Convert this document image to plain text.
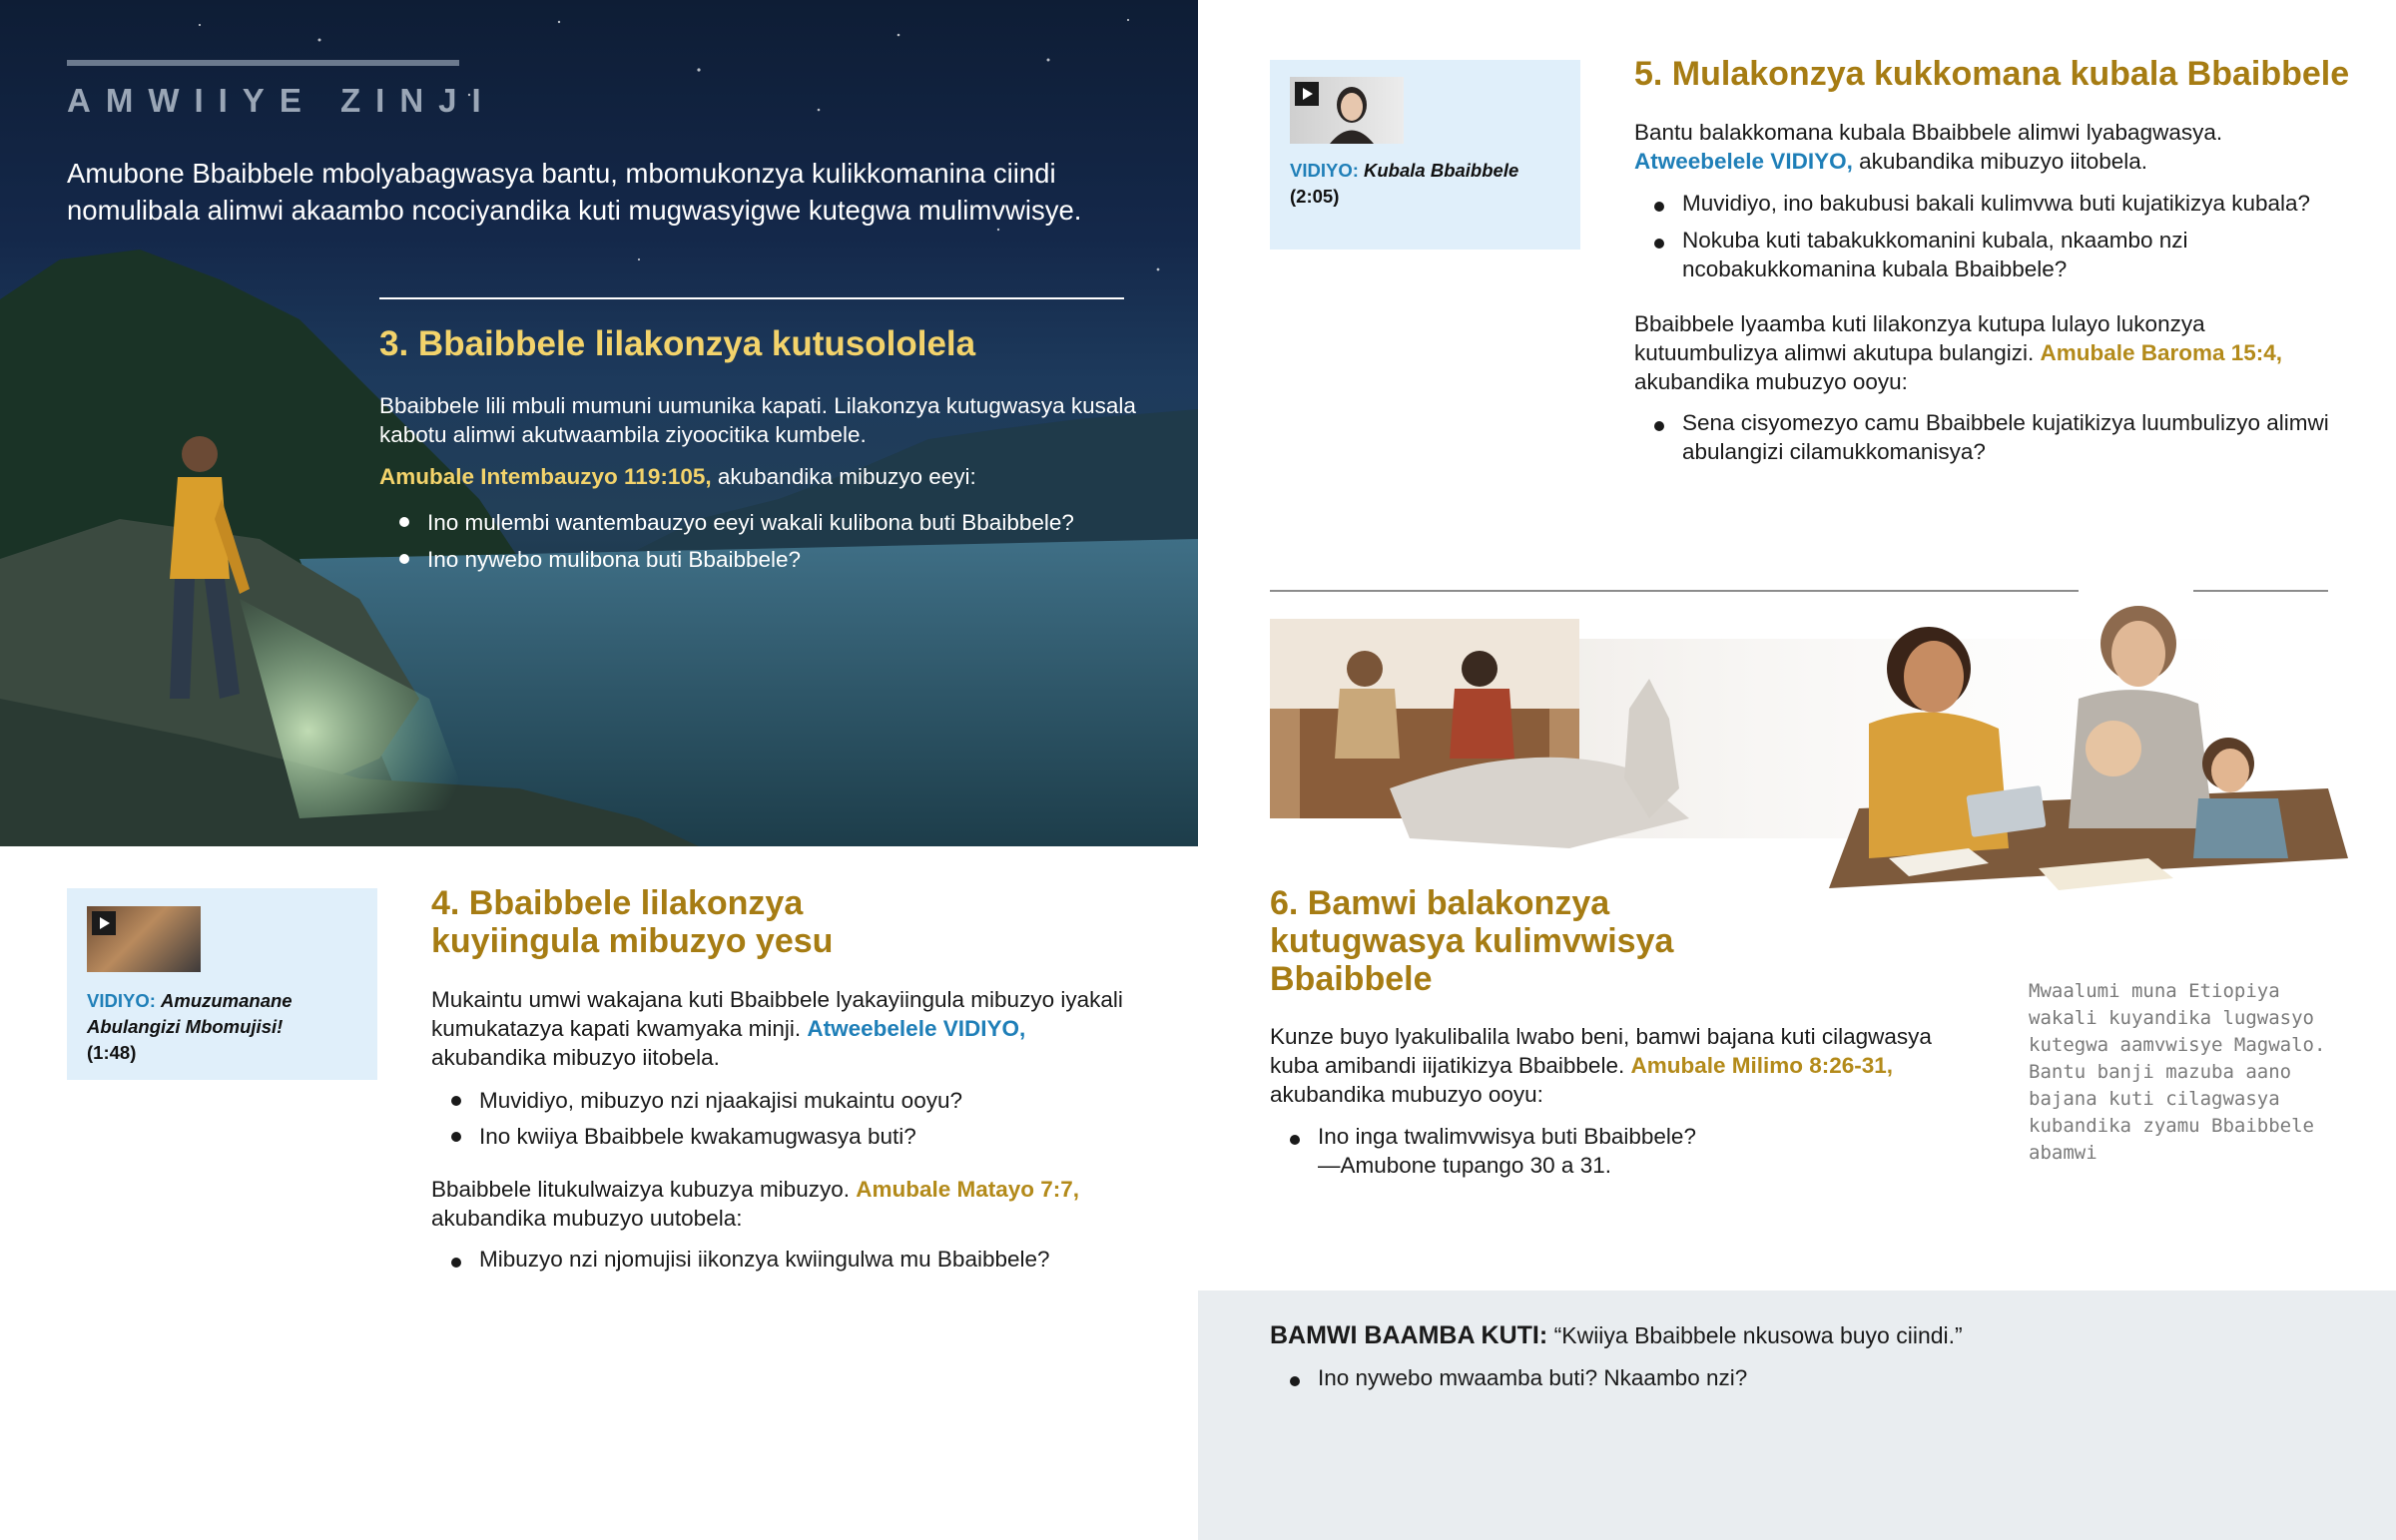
AMWIIYE ZINJI
Amubone Bbaibbele mbolyabagwasya bantu, mbomukonzya kulikkomanina ciindi nomulibala alimwi akaambo ncociyandika kuti mugwasyigwe kutegwa mulimvwisye.
3. Bbaibbele lilakonzya kutusololela
Bbaibbele lili mbuli mumuni uumunika kapati. Lilakonzya kutugwasya kusala kabotu alimwi akutwaambila ziyoocitika kumbele.
Amubale Intembauzyo 119:105, akubandika mibuzyo eeyi:
Ino mulembi wantembauzyo eeyi wakali kulibona buti Bbaibbele?
Ino nywebo mulibona buti Bbaibbele?
VIDIYO: Amuzumanane Abulangizi Mbomujisi!
(1:48)
4. Bbaibbele lilakonzya
kuyiingula mibuzyo yesu
Mukaintu umwi wakajana kuti Bbaibbele lyakayiingula mibuzyo iyakali kumukatazya kapati kwamyaka minji. Atweebelele VIDIYO, akubandika mibuzyo iitobela.
Muvidiyo, mibuzyo nzi njaakajisi mukaintu ooyu?
Ino kwiiya Bbaibbele kwakamugwasya buti?
Bbaibbele litukulwaizya kubuzya mibuzyo. Amubale Matayo 7:7, akubandika mubuzyo uutobela:
Mibuzyo nzi njomujisi iikonzya kwiingulwa mu Bbaibbele?
VIDIYO: Kubala Bbaibbele
(2:05)
5. Mulakonzya kukkomana kubala Bbaibbele
Bantu balakkomana kubala Bbaibbele alimwi lyabagwasya. Atweebelele VIDIYO, akubandika mibuzyo iitobela.
Muvidiyo, ino bakubusi bakali kulimvwa buti kujatikizya kubala?
Nokuba kuti tabakukkomanini kubala, nkaambo nzi ncobakukkomanina kubala Bbaibbele?
Bbaibbele lyaamba kuti lilakonzya kutupa lulayo lukonzya kutuumbulizya alimwi akutupa bulangizi. Amubale Baroma 15:4, akubandika mubuzyo ooyu:
Sena cisyomezyo camu Bbaibbele kujatikizya luumbulizyo alimwi abulangizi cilamukkomanisya?
6. Bamwi balakonzya
kutugwasya kulimvwisya
Bbaibbele
Kunze buyo lyakulibalila lwabo beni, bamwi bajana kuti cilagwasya kuba amibandi iijatikizya Bbaibbele. Amubale Milimo 8:26-31, akubandika mubuzyo ooyu:
Ino inga twalimvwisya buti Bbaibbele?
—Amubone tupango 30 a 31.
Mwaalumi muna Etiopiya wakali kuyandika lugwasyo kutegwa aamvwisye Magwalo. Bantu banji mazuba aano bajana kuti cilagwasya kubandika zyamu Bbaibbele abamwi
BAMWI BAAMBA KUTI: “Kwiiya Bbaibbele nkusowa buyo ciindi.”
Ino nywebo mwaamba buti? Nkaambo nzi?
